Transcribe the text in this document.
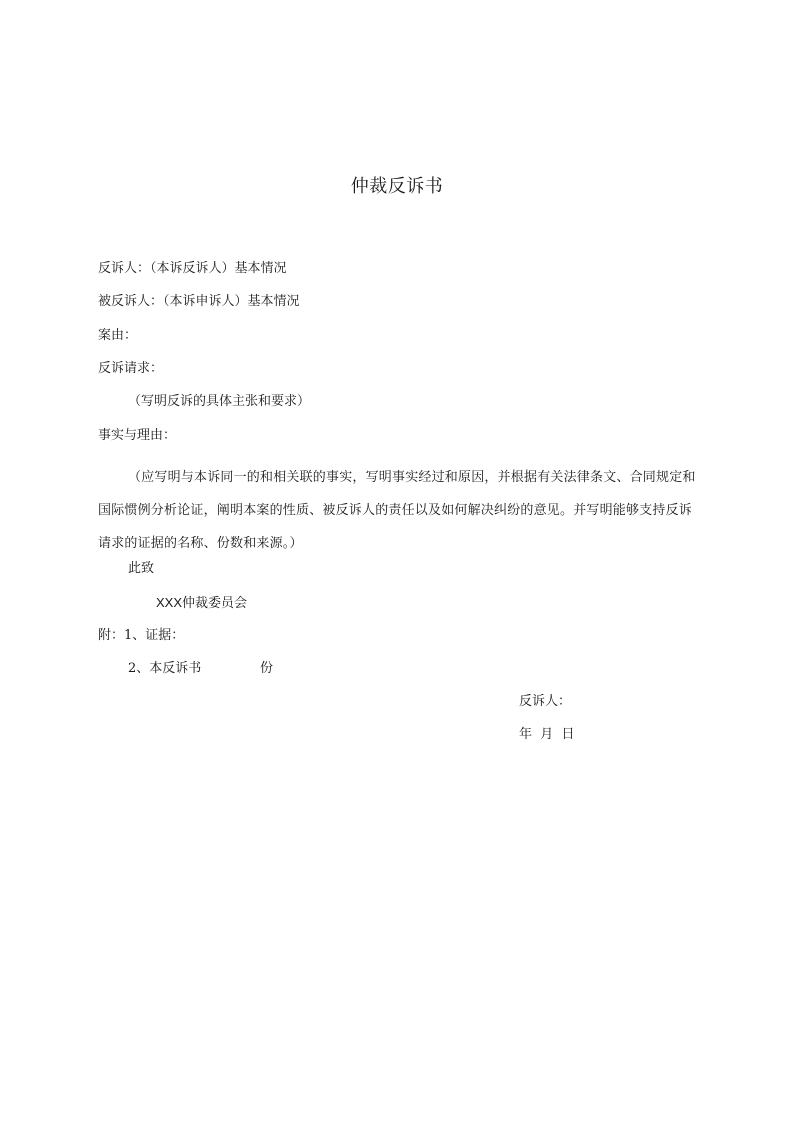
仲裁反诉书
反诉人：（本诉反诉人）基本情况
被反诉人：（本诉申诉人）基本情况
案由：
反诉请求：
（写明反诉的具体主张和要求）
事实与理由：
（应写明与本诉同一的和相关联的事实，写明事实经过和原因，并根据有关法律条文、合同规定和国际惯例分析论证，阐明本案的性质、被反诉人的责任以及如何解决纠纷的意见。并写明能够支持反诉请求的证据的名称、份数和来源。）
此致
XXX仲裁委员会
附：1、证据：
2、本反诉书	份
反诉人：
年  月  日
